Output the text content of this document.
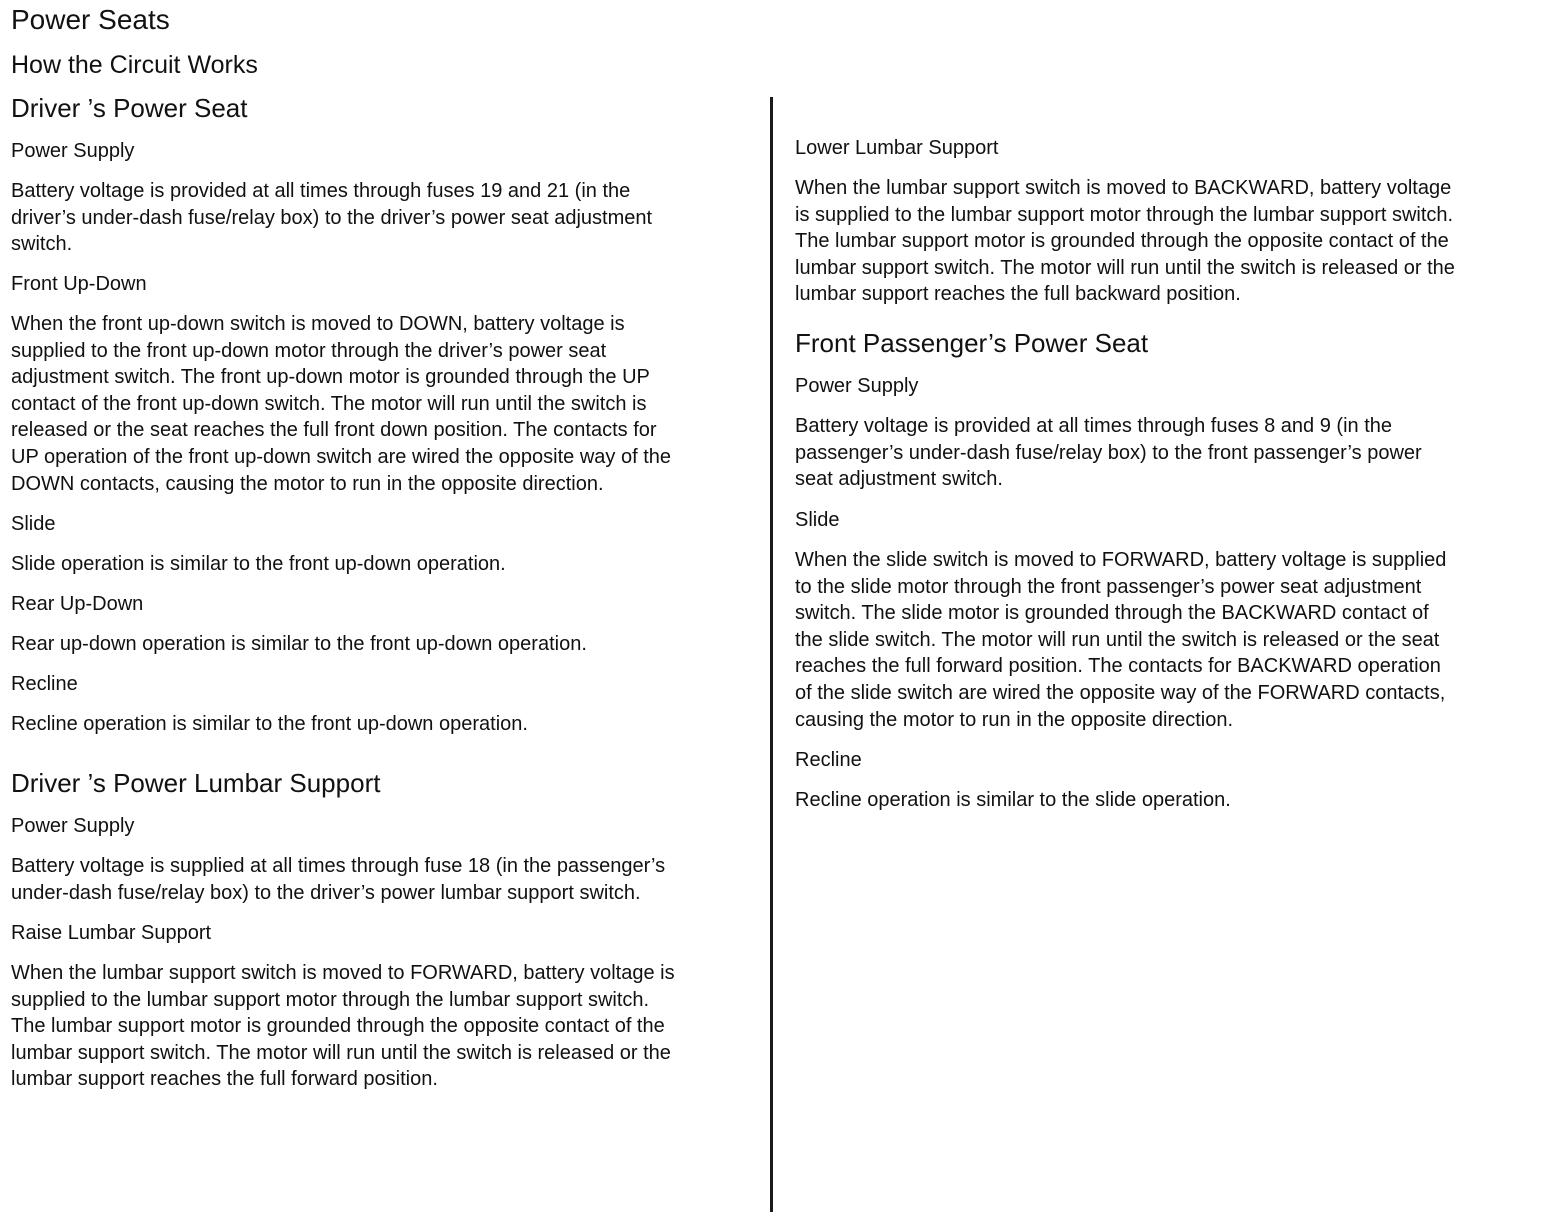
Power Seats
How the Circuit Works
Driver ’s Power Seat
Power Supply
Battery voltage is provided at all times through fuses 19 and 21 (in the
driver’s under-dash fuse/relay box) to the driver’s power seat adjustment
switch.
Front Up-Down
When the front up-down switch is moved to DOWN, battery voltage is
supplied to the front up-down motor through the driver’s power seat
adjustment switch. The front up-down motor is grounded through the UP
contact of the front up-down switch. The motor will run until the switch is
released or the seat reaches the full front down position. The contacts for
UP operation of the front up-down switch are wired the opposite way of the
DOWN contacts, causing the motor to run in the opposite direction.
Slide
Slide operation is similar to the front up-down operation.
Rear Up-Down
Rear up-down operation is similar to the front up-down operation.
Recline
Recline operation is similar to the front up-down operation.
Driver ’s Power Lumbar Support
Power Supply
Battery voltage is supplied at all times through fuse 18 (in the passenger’s
under-dash fuse/relay box) to the driver’s power lumbar support switch.
Raise Lumbar Support
When the lumbar support switch is moved to FORWARD, battery voltage is
supplied to the lumbar support motor through the lumbar support switch.
The lumbar support motor is grounded through the opposite contact of the
lumbar support switch. The motor will run until the switch is released or the
lumbar support reaches the full forward position.
Lower Lumbar Support
When the lumbar support switch is moved to BACKWARD, battery voltage
is supplied to the lumbar support motor through the lumbar support switch.
The lumbar support motor is grounded through the opposite contact of the
lumbar support switch. The motor will run until the switch is released or the
lumbar support reaches the full backward position.
Front Passenger’s Power Seat
Power Supply
Battery voltage is provided at all times through fuses 8 and 9 (in the
passenger’s under-dash fuse/relay box) to the front passenger’s power
seat adjustment switch.
Slide
When the slide switch is moved to FORWARD, battery voltage is supplied
to the slide motor through the front passenger’s power seat adjustment
switch. The slide motor is grounded through the BACKWARD contact of
the slide switch. The motor will run until the switch is released or the seat
reaches the full forward position. The contacts for BACKWARD operation
of the slide switch are wired the opposite way of the FORWARD contacts,
causing the motor to run in the opposite direction.
Recline
Recline operation is similar to the slide operation.
